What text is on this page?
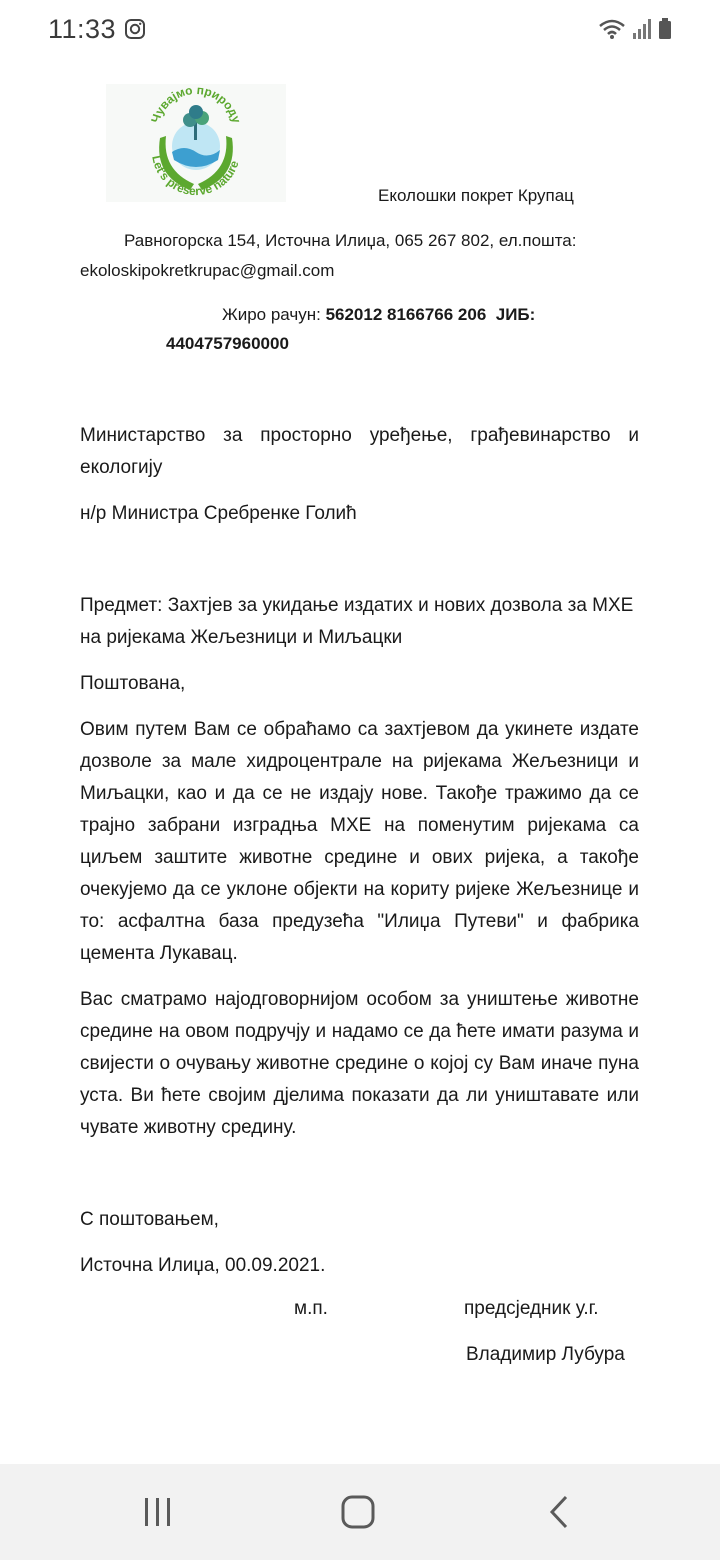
11:33
Чувајмо природу
Let's preserve nature
Еколошки покрет Крупац
Равногорска 154, Источна Илиџа, 065 267 802, ел.пошта:
ekoloskipokretkrupac@gmail.com
Жиро рачун: 562012 8166766 206 ЈИБ:
4404757960000
Министарство за просторно уређење, грађевинарство и екологију
н/р Министра Сребренке Голић
Предмет: Захтјев за укидање издатих и нових дозвола за МХЕ на ријекама Жељезници и Миљацки
Поштована,
Овим путем Вам се обраћамо са захтјевом да укинете издате дозволе за мале хидроцентрале на ријекама Жељезници и Миљацки, као и да се не издају нове. Такође тражимо да се трајно забрани изградња МХЕ на поменутим ријекама са циљем заштите животне средине и ових ријека, а такође очекујемо да се уклоне објекти на кориту ријеке Жељезнице и то: асфалтна база предузећа "Илиџа Путеви" и фабрика цемента Лукавац.
Вас сматрамо најодговорнијом особом за уништење животне средине на овом подручју и надамо се да ћете имати разума и свијести о очувању животне средине о којој су Вам иначе пуна уста. Ви ћете својим дјелима показати да ли уништавате или чувате животну средину.
С поштовањем,
Источна Илиџа, 00.09.2021.
м.п.	предсједник у.г.
Владимир Лубура
